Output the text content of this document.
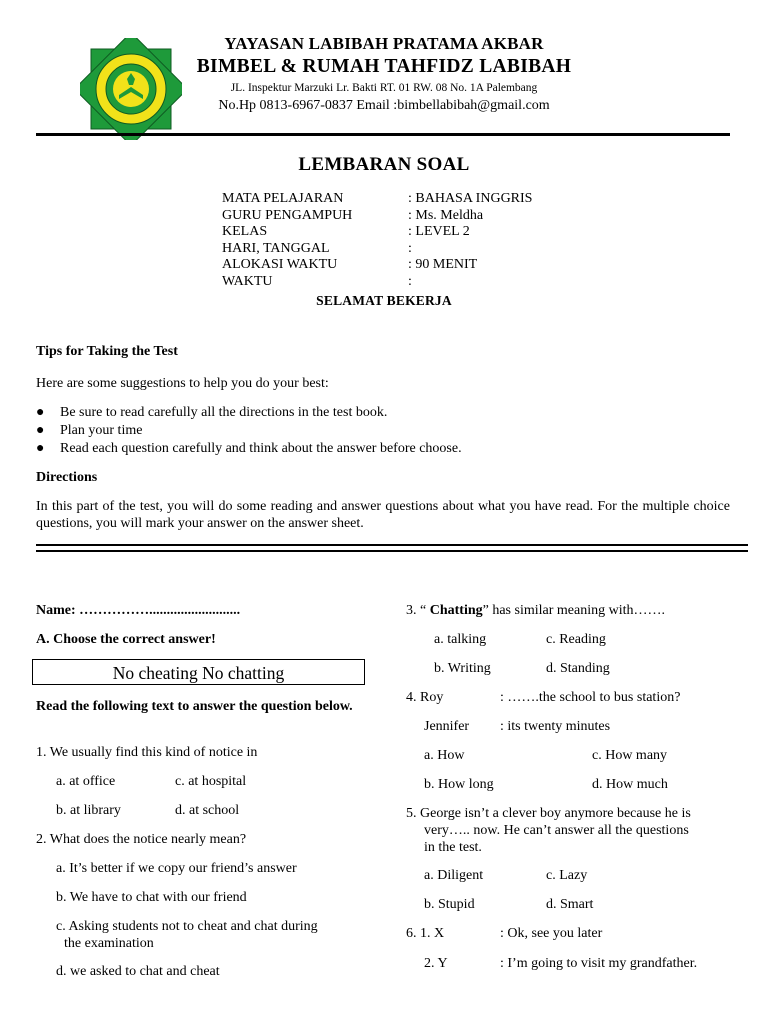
YAYASAN LABIBAH PRATAMA AKBAR
BIMBEL & RUMAH TAHFIDZ LABIBAH
JL. Inspektur Marzuki Lr. Bakti RT. 01 RW. 08 No. 1A Palembang
No.Hp 0813-6967-0837 Email :bimbellabibah@gmail.com
LEMBARAN SOAL
MATA PELAJARAN	: BAHASA INGGRIS
GURU PENGAMPUH	: Ms. Meldha
KELAS	: LEVEL 2
HARI, TANGGAL	:
ALOKASI WAKTU	: 90 MENIT
WAKTU	:
SELAMAT BEKERJA
Tips for Taking the Test
Here are some suggestions to help you do your best:
●	Be sure to read carefully all the directions in the test book.
●	Plan your time
●	Read each question carefully and think about the answer before choose.
Directions
In this part of the test, you will do some reading and answer questions about what you have read. For the multiple choice questions, you will mark your answer on the answer sheet.
Name: ……………..........................
A. Choose the correct answer!
No cheating No chatting
Read the following text to answer the question below.
1. We usually find this kind of notice in
a. at office	c. at hospital
b. at library	d. at school
2. What does the notice nearly mean?
a. It’s better if we copy our friend’s answer
b. We have to chat with our friend
c. Asking students not to cheat and chat during
the examination
d. we asked to chat and cheat
3. “ Chatting” has similar meaning with…….
a. talking	c. Reading
b. Writing	d. Standing
4. Roy	: …….the school to bus station?
Jennifer : its twenty minutes
a. How	c. How many
b. How long	d. How much
5. George isn’t a clever boy anymore because he is
very….. now. He can’t answer all the questions
in the test.
a. Diligent	c. Lazy
b. Stupid	d. Smart
6. 1. X	: Ok, see you later
2. Y	: I’m going to visit my grandfather.
